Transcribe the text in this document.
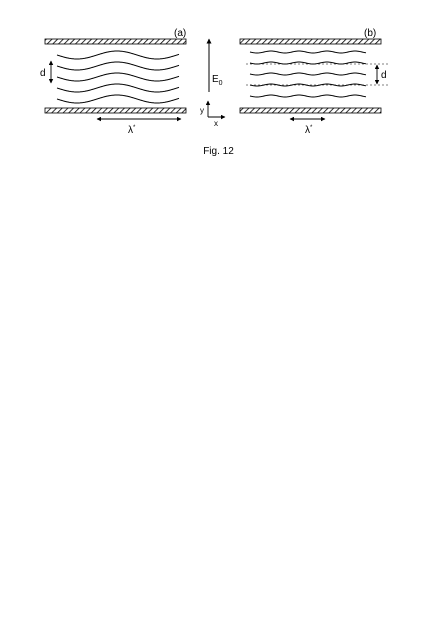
d
λ*
(a)
$E_0$
y
x
d
λ*
(b)
Fig. 12
